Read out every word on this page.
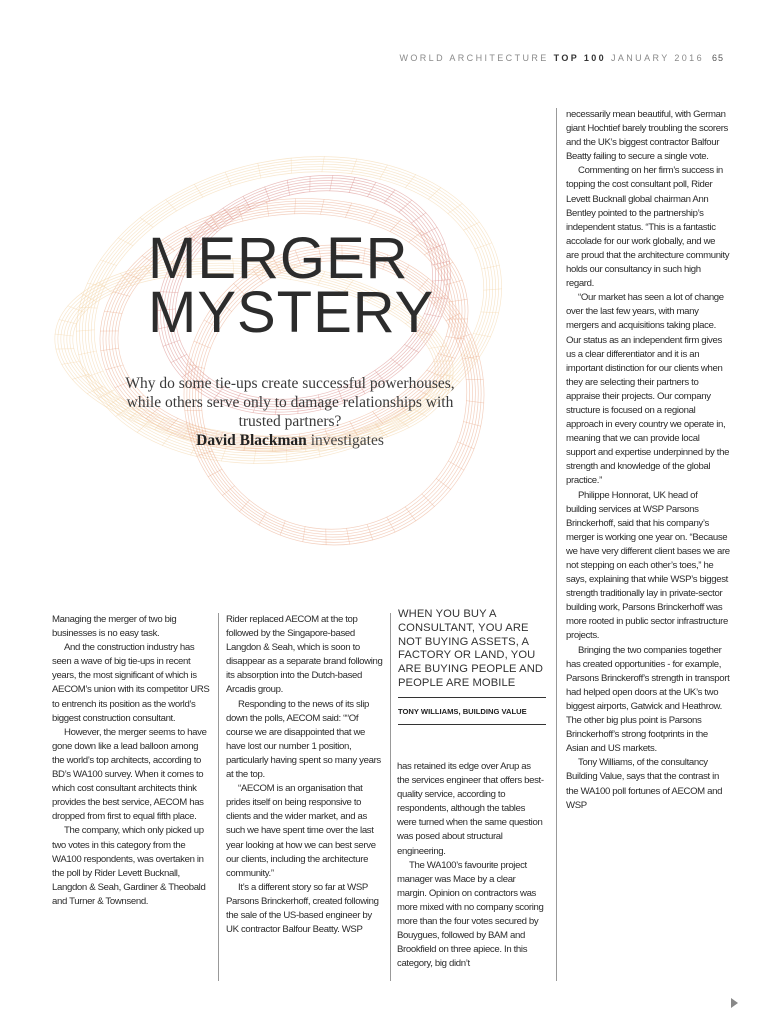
WORLD ARCHITECTURE TOP 100 JANUARY 2016 65
MERGER
MYSTERY
Why do some tie-ups create successful powerhouses, while others serve only to damage relationships with trusted partners?
David Blackman investigates

Managing the merger of two big businesses is no easy task.

And the construction industry has seen a wave of big tie-ups in recent years, the most significant of which is AECOM’s union with its competitor URS to entrench its position as the world’s biggest construction consultant.

However, the merger seems to have gone down like a lead balloon among the world’s top architects, according to BD’s WA100 survey. When it comes to which cost consultant architects think provides the best service, AECOM has dropped from first to equal fifth place.

The company, which only picked up two votes in this category from the WA100 respondents, was overtaken in the poll by Rider Levett Bucknall, Langdon & Seah, Gardiner & Theobald and Turner & Townsend.

Rider replaced AECOM at the top followed by the Singapore-based Langdon & Seah, which is soon to disappear as a separate brand following its absorption into the Dutch-based Arcadis group.

Responding to the news of its slip down the polls, AECOM said: ““Of course we are disappointed that we have lost our number 1 position, particularly having spent so many years at the top.

“AECOM is an organisation that prides itself on being responsive to clients and the wider market, and as such we have spent time over the last year looking at how we can best serve our clients, including the architecture community.”

It’s a different story so far at WSP Parsons Brinckerhoff, created following the sale of the US-based engineer by UK contractor Balfour Beatty. WSP

WHEN YOU BUY A CONSULTANT, YOU ARE NOT BUYING ASSETS, A FACTORY OR LAND, YOU ARE BUYING PEOPLE AND PEOPLE ARE MOBILE
TONY WILLIAMS, BUILDING VALUE

has retained its edge over Arup as the services engineer that offers best-quality service, according to respondents, although the tables were turned when the same question was posed about structural engineering.

The WA100’s favourite project manager was Mace by a clear margin. Opinion on contractors was more mixed with no company scoring more than the four votes secured by Bouygues, followed by BAM and Brookfield on three apiece. In this category, big didn’t

necessarily mean beautiful, with German giant Hochtief barely troubling the scorers and the UK’s biggest contractor Balfour Beatty failing to secure a single vote.

Commenting on her firm’s success in topping the cost consultant poll, Rider Levett Bucknall global chairman Ann Bentley pointed to the partnership’s independent status. “This is a fantastic accolade for our work globally, and we are proud that the architecture community holds our consultancy in such high regard.

“Our market has seen a lot of change over the last few years, with many mergers and acquisitions taking place. Our status as an independent firm gives us a clear differentiator and it is an important distinction for our clients when they are selecting their partners to appraise their projects. Our company structure is focused on a regional approach in every country we operate in, meaning that we can provide local support and expertise underpinned by the strength and knowledge of the global practice.”

Philippe Honnorat, UK head of building services at WSP Parsons Brinckerhoff, said that his company’s merger is working one year on. “Because we have very different client bases we are not stepping on each other’s toes,” he says, explaining that while WSP’s biggest strength traditionally lay in private-sector building work, Parsons Brinckerhoff was more rooted in public sector infrastructure projects.

Bringing the two companies together has created opportunities - for example, Parsons Brinckeroff’s strength in transport had helped open doors at the UK’s two biggest airports, Gatwick and Heathrow. The other big plus point is Parsons Brinckerhoff’s strong footprints in the Asian and US markets.

Tony Williams, of the consultancy Building Value, says that the contrast in the WA100 poll fortunes of AECOM and WSP
